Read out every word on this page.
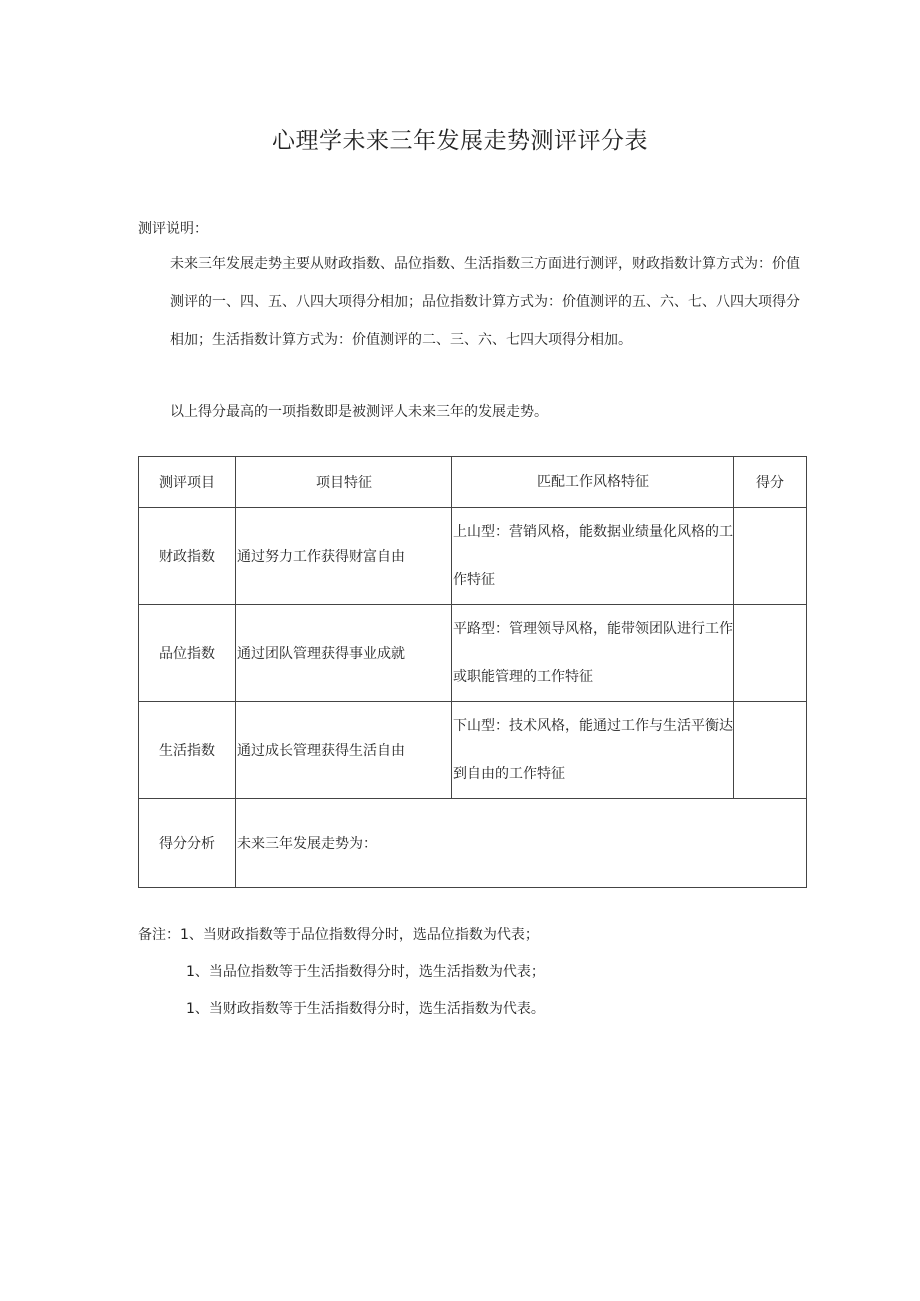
心理学未来三年发展走势测评评分表
测评说明：
未来三年发展走势主要从财政指数、品位指数、生活指数三方面进行测评，财政指数计算方式为：价值测评的一、四、五、八四大项得分相加；品位指数计算方式为：价值测评的五、六、七、八四大项得分相加；生活指数计算方式为：价值测评的二、三、六、七四大项得分相加。
以上得分最高的一项指数即是被测评人未来三年的发展走势。
测评项目	项目特征	匹配工作风格特征	得分
财政指数	通过努力工作获得财富自由	上山型：营销风格，能数据业绩量化风格的工作特征	
品位指数	通过团队管理获得事业成就	平路型：管理领导风格，能带领团队进行工作或职能管理的工作特征	
生活指数	通过成长管理获得生活自由	下山型：技术风格，能通过工作与生活平衡达到自由的工作特征	
得分分析	未来三年发展走势为：		
备注：1、当财政指数等于品位指数得分时，选品位指数为代表；
1、当品位指数等于生活指数得分时，选生活指数为代表；
1、当财政指数等于生活指数得分时，选生活指数为代表。
